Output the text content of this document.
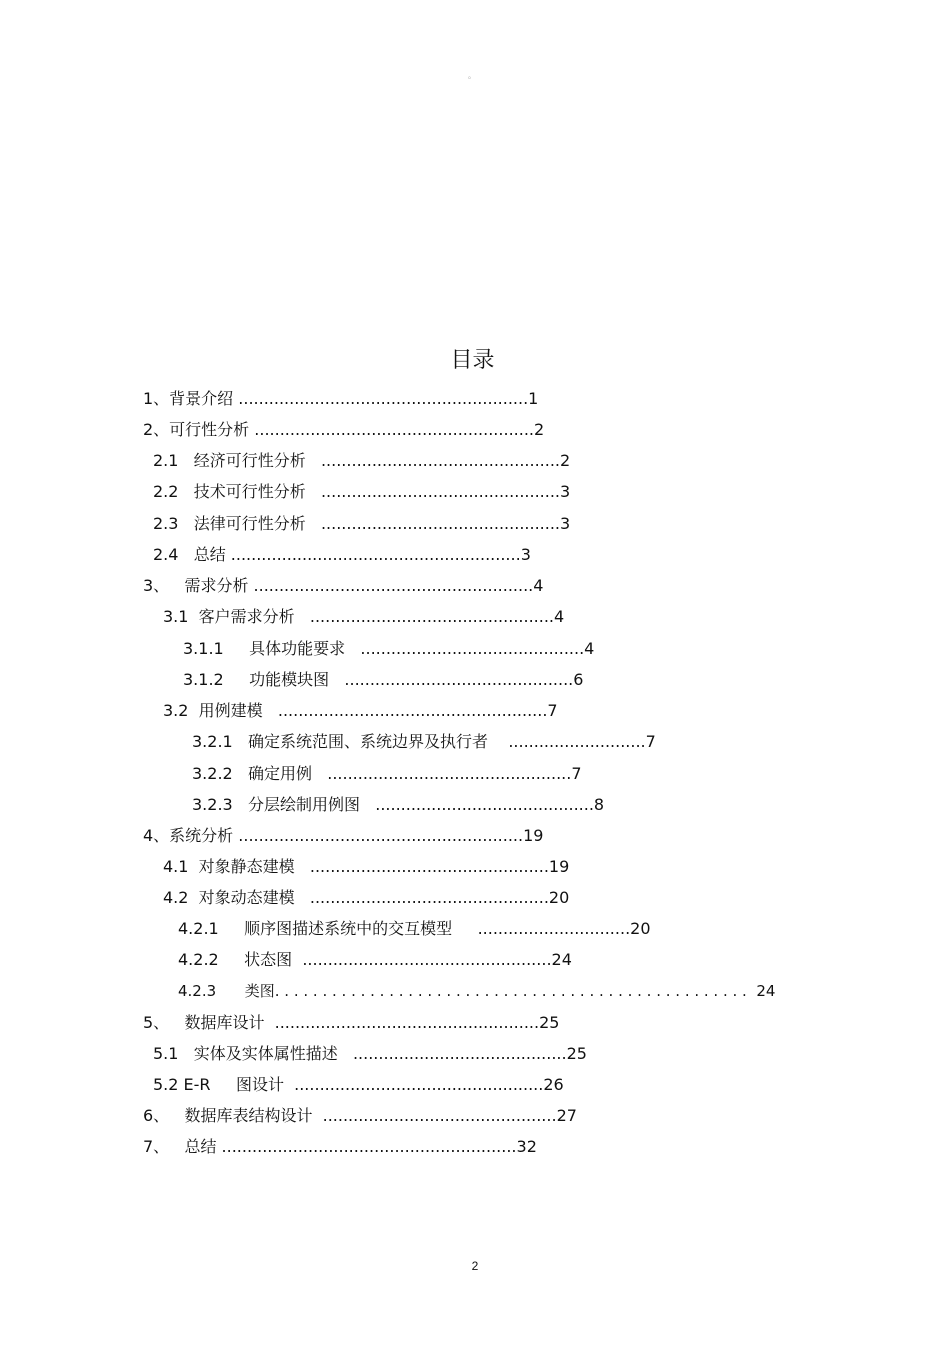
。
目录
1、背景介绍 .........................................................1
2、可行性分析 .......................................................2
2.1   经济可行性分析   ...............................................2
2.2   技术可行性分析   ...............................................3
2.3   法律可行性分析   ...............................................3
2.4   总结 .........................................................3
3、   需求分析 .......................................................4
3.1  客户需求分析   ................................................4
3.1.1     具体功能要求   ............................................4
3.1.2     功能模块图   .............................................6
3.2  用例建模   .....................................................7
3.2.1   确定系统范围、系统边界及执行者    ...........................7
3.2.2   确定用例   ................................................7
3.2.3   分层绘制用例图   ...........................................8
4、系统分析 ........................................................19
4.1  对象静态建模   ...............................................19
4.2  对象动态建模   ...............................................20
4.2.1     顺序图描述系统中的交互模型     ..............................20
4.2.2     状态图  .................................................24
4.2.3      类图. . . . . . . . . . . . . . . . . . . . . . . . . . . . . . . . . . . . . . . . . . . . . . . . . .  24
5、   数据库设计  ....................................................25
5.1   实体及实体属性描述   ..........................................25
5.2 E-R     图设计  .................................................26
6、   数据库表结构设计  ..............................................27
7、   总结 ..........................................................32
2
